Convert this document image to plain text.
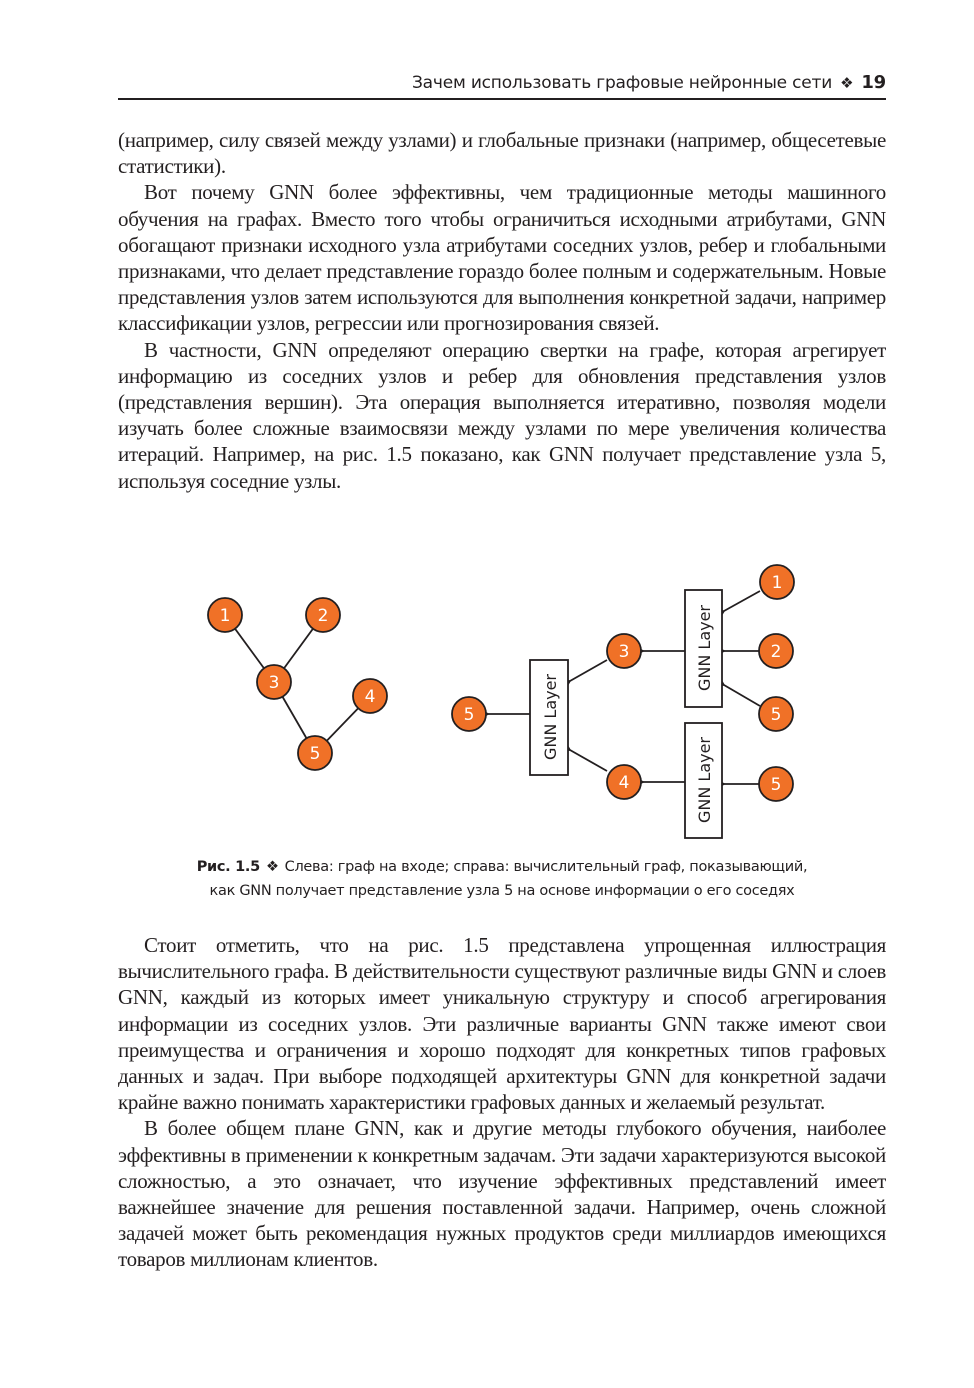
Зачем использовать графовые нейронные сети ❖ 19

(например, силу связей между узлами) и глобальные признаки (например, общесетевые статистики).

Вот почему GNN более эффективны, чем традиционные методы машинного обучения на графах. Вместо того чтобы ограничиться исходными атрибутами, GNN обогащают признаки исходного узла атрибутами соседних узлов, ребер и глобальными признаками, что делает представление гораздо более полным и содержательным. Новые представления узлов затем используются для выполнения конкретной задачи, например классификации узлов, регрессии или прогнозирования связей.

В частности, GNN определяют операцию свертки на графе, которая агрегирует информацию из соседних узлов и ребер для обновления представления узлов (представления вершин). Эта операция выполняется итеративно, позволяя модели изучать более сложные взаимосвязи между узлами по мере увеличения количества итераций. Например, на рис. 1.5 показано, как GNN получает представление узла 5, используя соседние узлы.

1	2
3
4
5	GNN Layer
GNN Layer
GNN Layer
5
3
4
1
2
5
5
Рис. 1.5 ❖ Слева: граф на входе; справа: вычислительный граф, показывающий,
как GNN получает представление узла 5 на основе информации о его соседях

Стоит отметить, что на рис. 1.5 представлена упрощенная иллюстрация вычислительного графа. В действительности существуют различные виды GNN и слоев GNN, каждый из которых имеет уникальную структуру и способ агрегирования информации из соседних узлов. Эти различные варианты GNN также имеют свои преимущества и ограничения и хорошо подходят для конкретных типов графовых данных и задач. При выборе подходящей архитектуры GNN для конкретной задачи крайне важно понимать характеристики графовых данных и желаемый результат.

В более общем плане GNN, как и другие методы глубокого обучения, наиболее эффективны в применении к конкретным задачам. Эти задачи характеризуются высокой сложностью, а это означает, что изучение эффективных представлений имеет важнейшее значение для решения поставленной задачи. Например, очень сложной задачей может быть рекомендация нужных продуктов среди миллиардов имеющихся товаров миллионам клиентов.
